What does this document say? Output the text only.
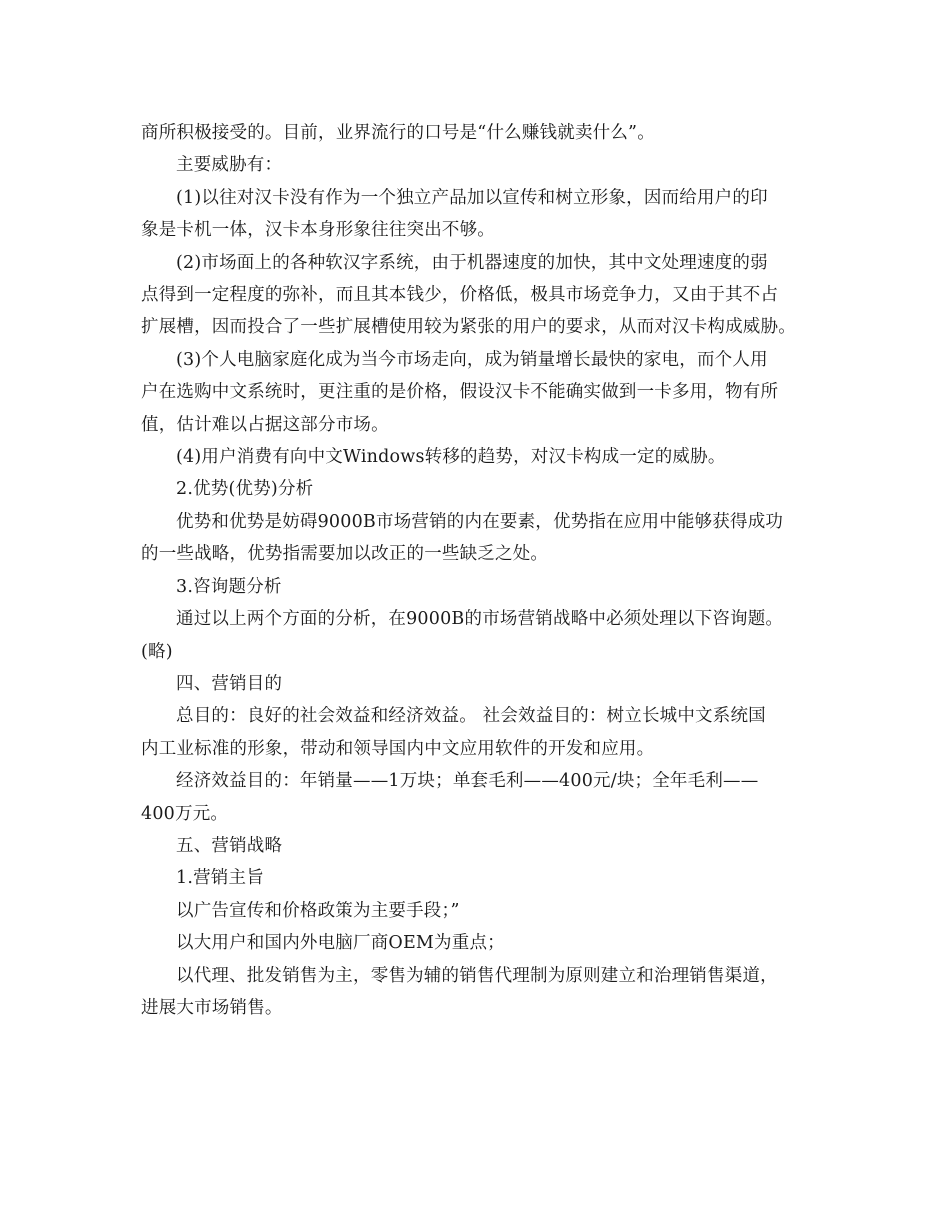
商所积极接受的。目前，业界流行的口号是“什么赚钱就卖什么”。

主要威胁有：

(1)以往对汉卡没有作为一个独立产品加以宣传和树立形象，因而给用户的印

象是卡机一体，汉卡本身形象往往突出不够。

(2)市场面上的各种软汉字系统，由于机器速度的加快，其中文处理速度的弱

点得到一定程度的弥补，而且其本钱少，价格低，极具市场竞争力，又由于其不占

扩展槽，因而投合了一些扩展槽使用较为紧张的用户的要求，从而对汉卡构成威胁。

(3)个人电脑家庭化成为当今市场走向，成为销量增长最快的家电，而个人用

户在选购中文系统时，更注重的是价格，假设汉卡不能确实做到一卡多用，物有所

值，估计难以占据这部分市场。

(4)用户消费有向中文Windows转移的趋势，对汉卡构成一定的威胁。

2.优势(优势)分析

优势和优势是妨碍9000B市场营销的内在要素，优势指在应用中能够获得成功

的一些战略，优势指需要加以改正的一些缺乏之处。

3.咨询题分析

通过以上两个方面的分析，在9000B的市场营销战略中必须处理以下咨询题。

(略)

四、营销目的

总目的：良好的社会效益和经济效益。 社会效益目的：树立长城中文系统国

内工业标准的形象，带动和领导国内中文应用软件的开发和应用。

经济效益目的：年销量——1万块；单套毛利——400元/块；全年毛利——

400万元。

五、营销战略

1.营销主旨

以广告宣传和价格政策为主要手段；”

以大用户和国内外电脑厂商OEM为重点；

以代理、批发销售为主，零售为辅的销售代理制为原则建立和治理销售渠道，

进展大市场销售。
